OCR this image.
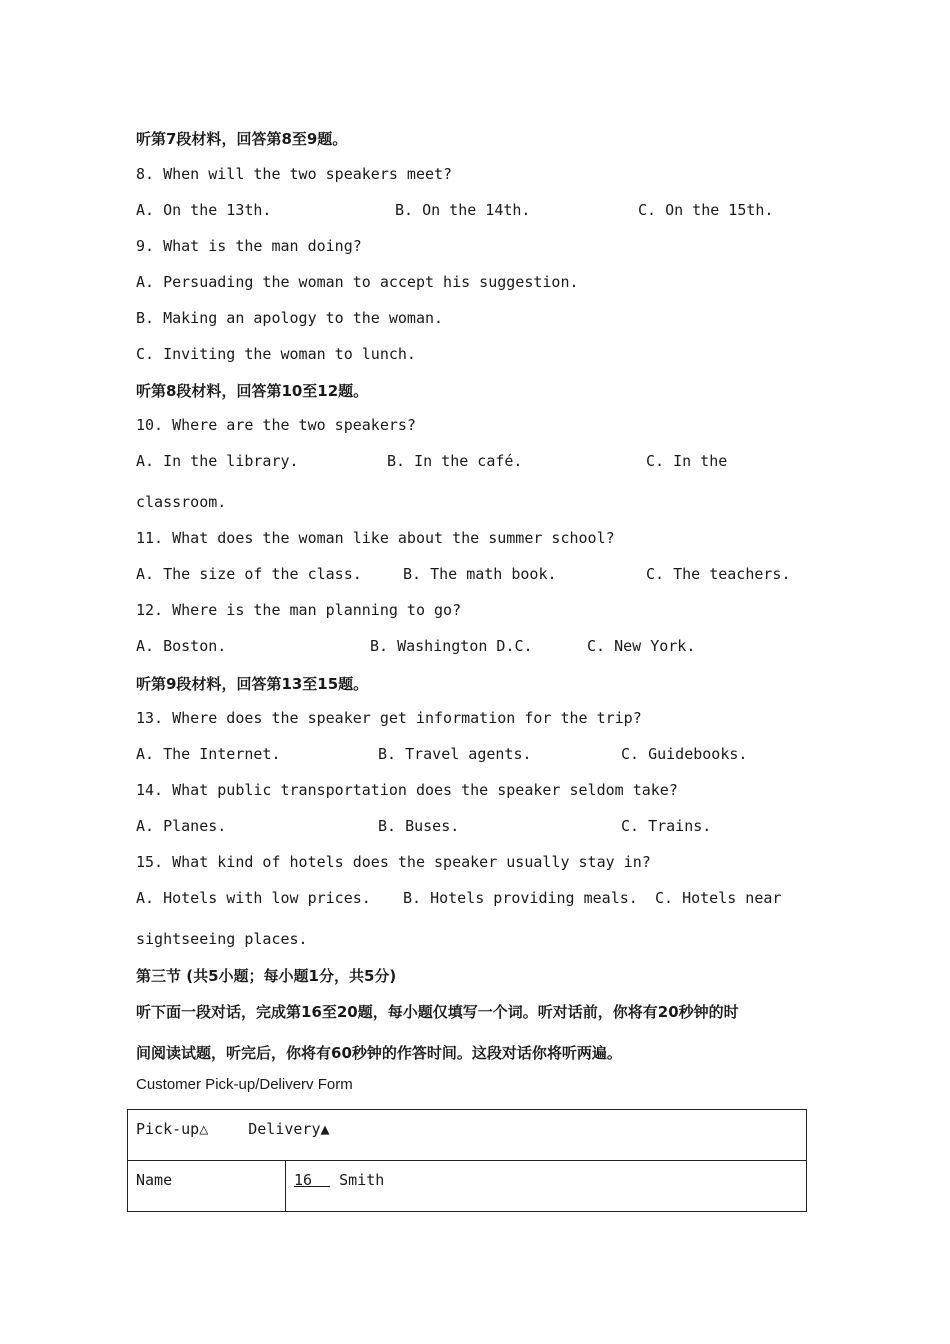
听第7段材料，回答第8至9题。
8. When will the two speakers meet?
A. On the 13th.	B. On the 14th.	C. On the 15th.
9. What is the man doing?
A. Persuading the woman to accept his suggestion.
B. Making an apology to the woman.
C. Inviting the woman to lunch.
听第8段材料，回答第10至12题。
10. Where are the two speakers?
A. In the library.	B. In the café.	C. In the
classroom.
11. What does the woman like about the summer school?
A. The size of the class.	B. The math book.	C. The teachers.
12. Where is the man planning to go?
A. Boston.	B. Washington D.C.	C. New York.
听第9段材料，回答第13至15题。
13. Where does the speaker get information for the trip?
A. The Internet.	B. Travel agents.	C. Guidebooks.
14. What public transportation does the speaker seldom take?
A. Planes.	B. Buses.	C. Trains.
15. What kind of hotels does the speaker usually stay in?
A. Hotels with low prices. B. Hotels providing meals. C. Hotels near
sightseeing places.
第三节 (共5小题；每小题1分，共5分)
听下面一段对话，完成第16至20题，每小题仅填写一个词。听对话前，你将有20秒钟的时
间阅读试题，听完后，你将有60秒钟的作答时间。这段对话你将听两遍。
Customer Pick-up/Deliverv Form
Pick-up△	Delivery▲
Name	16   Smith
